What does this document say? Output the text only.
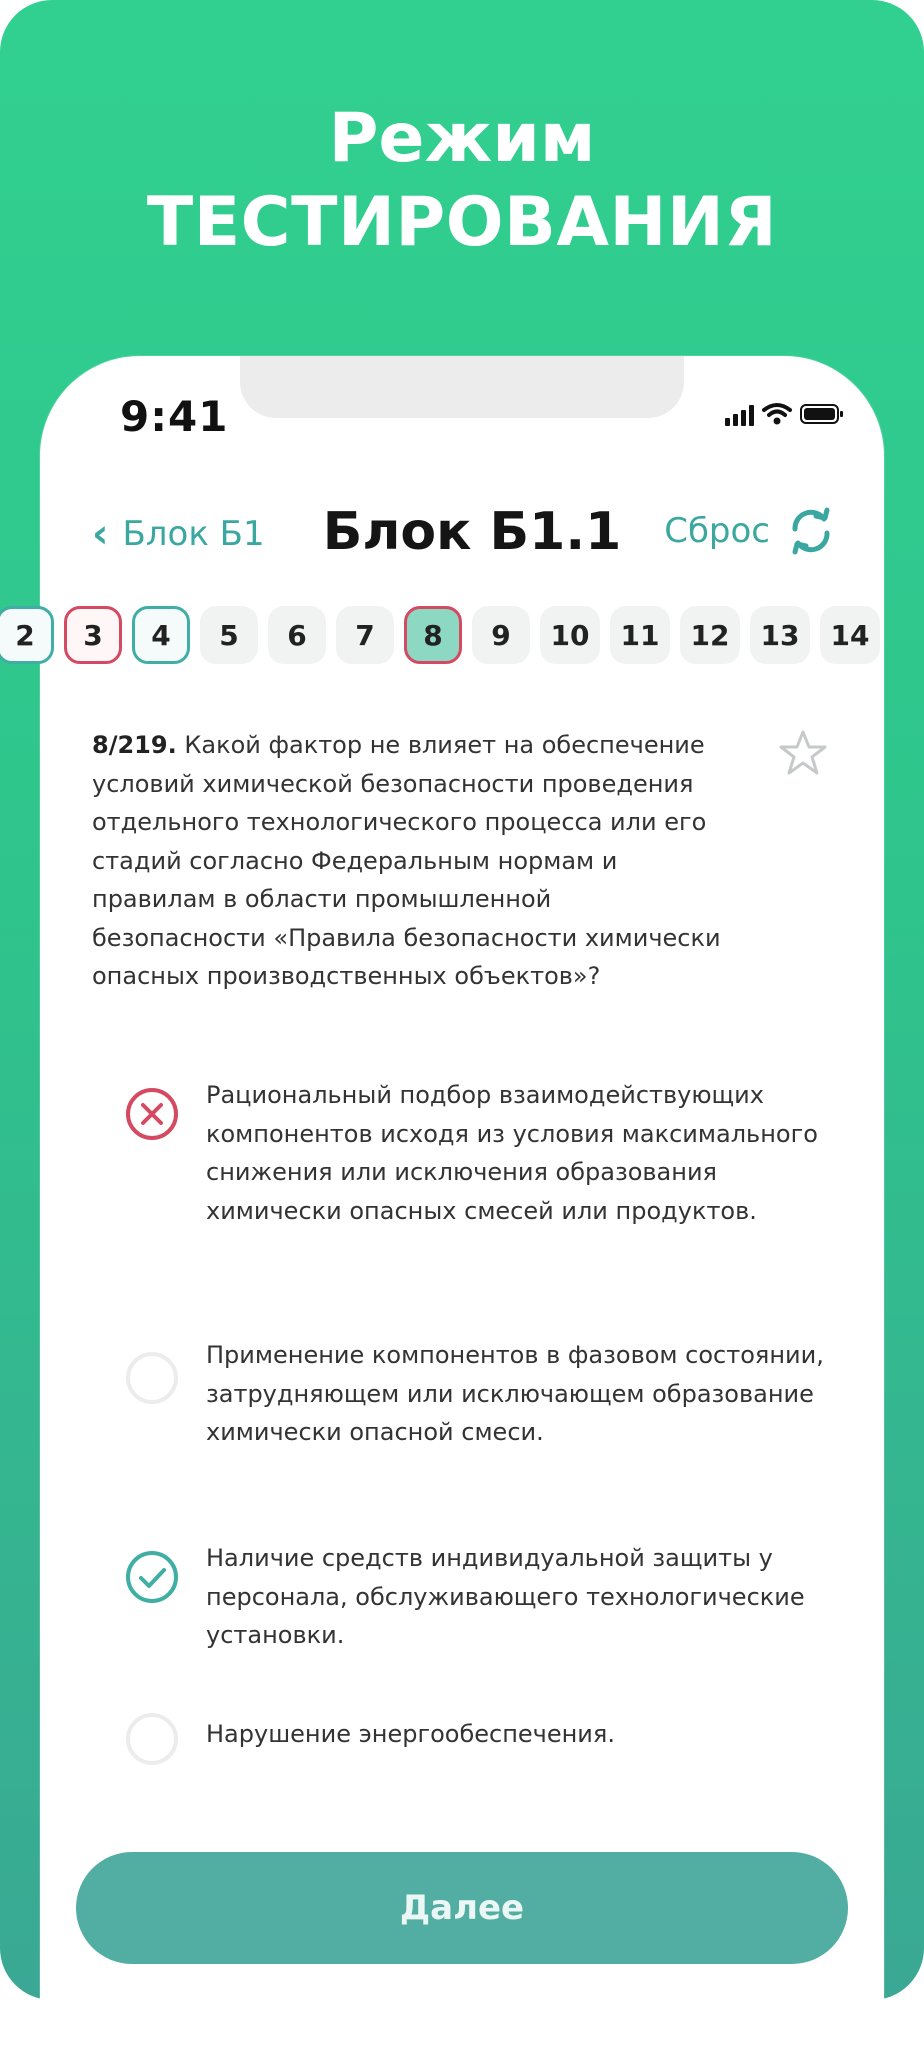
Режим
ТЕСТИРОВАНИЯ
9:41
‹ Блок Б1	Блок Б1.1	Сброс
2 3 4 5 6 7 8 9 10 11 12 13 14
8/219. Какой фактор не влияет на обеспечение условий химической безопасности проведения отдельного технологического процесса или его стадий согласно Федеральным нормам и правилам в области промышленной безопасности «Правила безопасности химически опасных производственных объектов»?
Рациональный подбор взаимодействующих компонентов исходя из условия максимального снижения или исключения образования химически опасных смесей или продуктов.
Применение компонентов в фазовом состоянии, затрудняющем или исключающем образование химически опасной смеси.
Наличие средств индивидуальной защиты у персонала, обслуживающего технологические установки.
Нарушение энергообеспечения.
Далее
